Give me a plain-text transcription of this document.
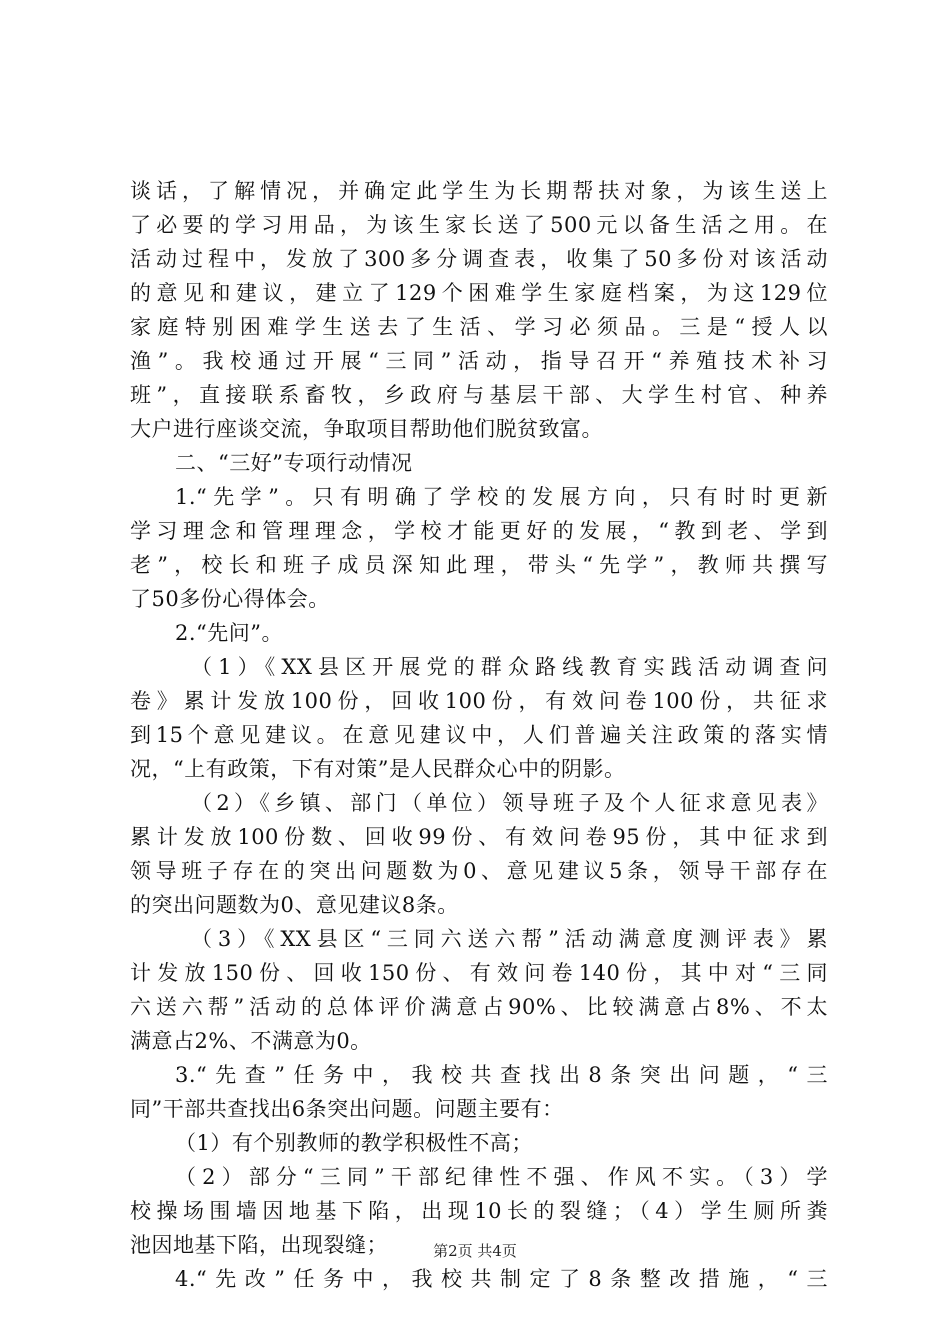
谈话，了解情况，并确定此学生为长期帮扶对象，为该生送上
了必要的学习用品，为该生家长送了500元以备生活之用。在
活动过程中，发放了300多分调查表，收集了50多份对该活动
的意见和建议，建立了129个困难学生家庭档案，为这129位
家庭特别困难学生送去了生活、学习必须品。三是“授人以
渔”。我校通过开展“三同”活动，指导召开“养殖技术补习
班”，直接联系畜牧，乡政府与基层干部、大学生村官、种养
大户进行座谈交流，争取项目帮助他们脱贫致富。
二、“三好”专项行动情况
1.“先学”。只有明确了学校的发展方向，只有时时更新
学习理念和管理理念，学校才能更好的发展，“教到老、学到
老”，校长和班子成员深知此理，带头“先学”，教师共撰写
了50多份心得体会。
2.“先问”。
（1）《XX县区开展党的群众路线教育实践活动调查问
卷》累计发放100份，回收100份，有效问卷100份，共征求
到15个意见建议。在意见建议中，人们普遍关注政策的落实情
况，“上有政策，下有对策”是人民群众心中的阴影。
（2）《乡镇、部门（单位）领导班子及个人征求意见表》
累计发放100份数、回收99份、有效问卷95份，其中征求到
领导班子存在的突出问题数为0、意见建议5条，领导干部存在
的突出问题数为0、意见建议8条。
（3）《XX县区“三同六送六帮”活动满意度测评表》累
计发放150份、回收150份、有效问卷140份，其中对“三同
六送六帮”活动的总体评价满意占90%、比较满意占8%、不太
满意占2%、不满意为0。
3.“先查”任务中，我校共查找出8条突出问题，“三
同”干部共查找出6条突出问题。问题主要有：
（1）有个别教师的教学积极性不高；
（2）部分“三同”干部纪律性不强、作风不实。（3）学
校操场围墙因地基下陷，出现10长的裂缝；（4）学生厕所粪
池因地基下陷，出现裂缝；
4.“先改”任务中，我校共制定了8条整改措施，“三
第2页 共4页
